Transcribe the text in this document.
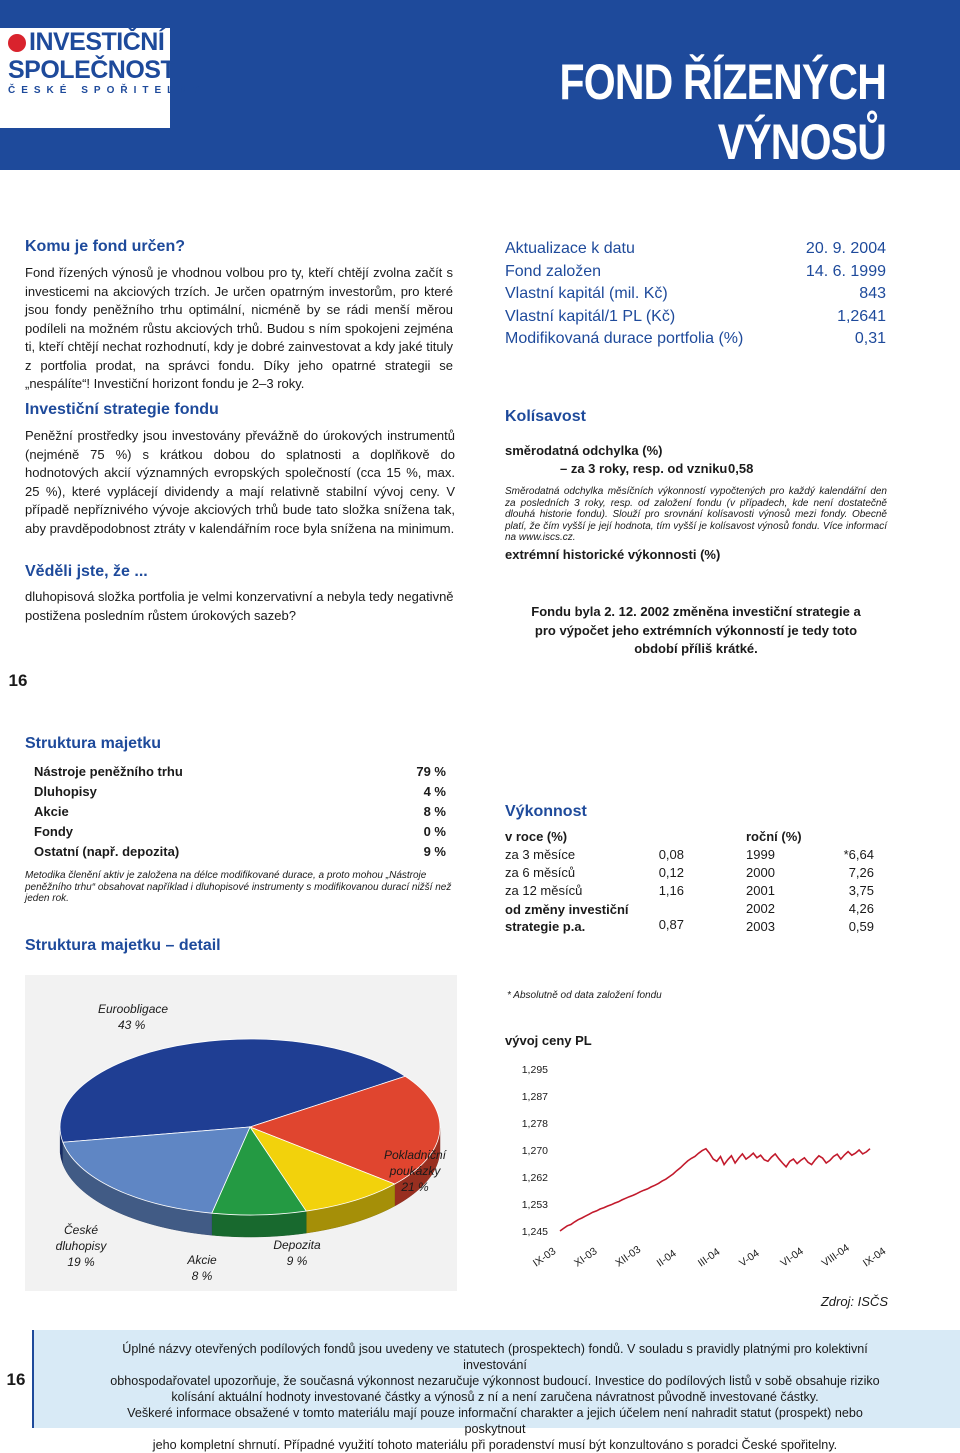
INVESTIČNÍ
SPOLEČNOST
ČESKÉ SPOŘITELNY	FOND ŘÍZENÝCH VÝNOSŮ
Komu je fond určen?
Fond řízených výnosů je vhodnou volbou pro ty, kteří chtějí zvolna začít s investicemi na akciových trzích. Je určen opatrným investorům, pro které jsou fondy peněžního trhu optimální, nicméně by se rádi menší měrou podíleli na možném růstu akciových trhů. Budou s ním spokojeni zejména ti, kteří chtějí nechat rozhodnutí, kdy je dobré zainvestovat a kdy jaké tituly z portfolia prodat, na správci fondu. Díky jeho opatrné strategii se „nespálíte“! Investiční horizont fondu je 2–3 roky.
Investiční strategie fondu
Peněžní prostředky jsou investovány převážně do úrokových instrumentů (nejméně 75 %) s krátkou dobou do splatnosti a doplňkově do hodnotových akcií významných evropských společností (cca 15 %, max. 25 %), které vyplácejí dividendy a mají relativně stabilní vývoj ceny. V případě nepříznivého vývoje akciových trhů bude tato složka snížena tak, aby pravděpodobnost ztráty v kalendářním roce byla snížena na minimum.
Věděli jste, že ...
dluhopisová složka portfolia je velmi konzervativní a nebyla tedy negativně postižena posledním růstem úrokových sazeb?
Aktualizace k datu	20. 9. 2004
Fond založen	14. 6. 1999
Vlastní kapitál (mil. Kč)	843
Vlastní kapitál/1 PL (Kč)	1,2641
Modifikovaná durace portfolia (%)	0,31
Kolísavost
směrodatná odchylka (%)
– za 3 roky, resp. od vzniku 0,58
Směrodatná odchylka měsíčních výkonností vypočtených pro každý kalendářní den za posledních 3 roky, resp. od založení fondu (v případech, kde není dostatečně dlouhá historie fondu). Slouží pro srovnání kolísavosti výnosů mezi fondy. Obecně platí, že čím vyšší je její hodnota, tím vyšší je kolísavost výnosů fondu. Více informací na www.iscs.cz.
extrémní historické výkonnosti (%)
Fondu byla 2. 12. 2002 změněna investiční strategie a pro výpočet jeho extrémních výkonností je tedy toto období příliš krátké.
16
Struktura majetku
Nástroje peněžního trhu	79 %
Dluhopisy	4 %
Akcie	8 %
Fondy	0 %
Ostatní (např. depozita)	9 %
Metodika členění aktiv je založena na délce modifikované durace, a proto mohou „Nástroje peněžního trhu“ obsahovat například i dluhopisové instrumenty s modifikovanou durací nižší než jeden rok.
Struktura majetku – detail
Euroobligace
43 %
Pokladniční
poukázky
21 %
Depozita
9 %
Akcie
8 %
České
dluhopisy
19 %
Výkonnost
v roce (%)	roční (%)
za 3 měsíce	0,08
za 6 měsíců	0,12
za 12 měsíců	1,16
od změny investiční
strategie p.a.	0,87
1999	*6,64
2000	7,26
2001	3,75
2002	4,26
2003	0,59
* Absolutně od data založení fondu
vývoj ceny PL
1,295
1,287
1,278
1,270
1,262
1,253
1,245
IX-03 XI-03 XII-03 II-04 III-04 V-04 VI-04 VIII-04 IX-04
Zdroj: ISČS
16
Úplné názvy otevřených podílových fondů jsou uvedeny ve statutech (prospektech) fondů. V souladu s pravidly platnými pro kolektivní investování
obhospodařovatel upozorňuje, že současná výkonnost nezaručuje výkonnost budoucí. Investice do podílových listů v sobě obsahuje riziko
kolísání aktuální hodnoty investované částky a výnosů z ní a není zaručena návratnost původně investované částky.
Veškeré informace obsažené v tomto materiálu mají pouze informační charakter a jejich účelem není nahradit statut (prospekt) nebo poskytnout
jeho kompletní shrnutí. Případné využití tohoto materiálu při poradenství musí být konzultováno s poradci České spořitelny.
